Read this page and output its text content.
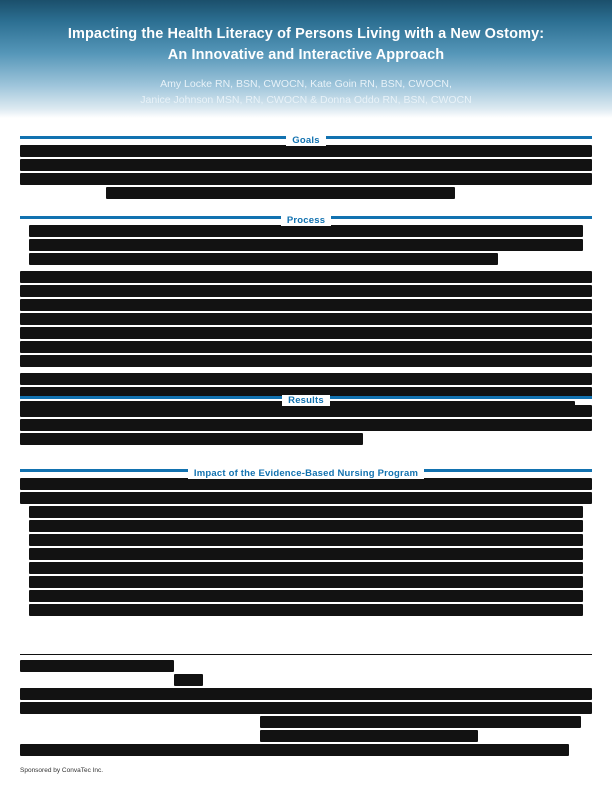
Impacting the Health Literacy of Persons Living with a New Ostomy:
An Innovative and Interactive Approach
Amy Locke RN, BSN, CWOCN, Kate Goin RN, BSN, CWOCN,
Janice Johnson MSN, RN, CWOCN & Donna Oddo RN, BSN, CWOCN
Goals
Process
Results
Impact of the Evidence-Based Nursing Program
Sponsored by ConvaTec Inc.
